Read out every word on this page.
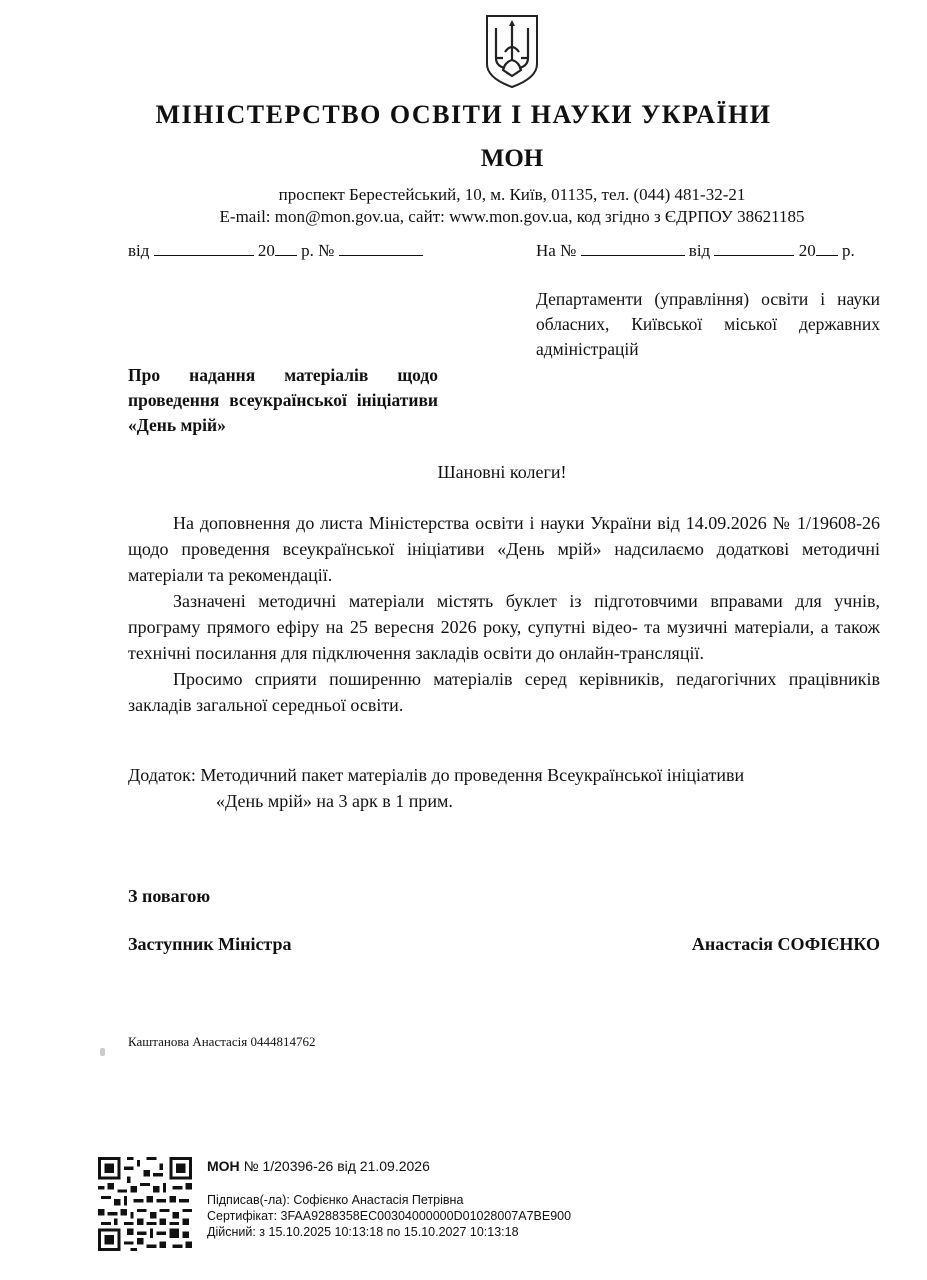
МІНІСТЕРСТВО ОСВІТИ І НАУКИ УКРАЇНИ
МОН
проспект Берестейський, 10, м. Київ, 01135, тел. (044) 481-32-21
E-mail: mon@mon.gov.ua, сайт: www.mon.gov.ua, код згідно з ЄДРПОУ 38621185
від	20 р. №	На №	від	20 р.
Департаменти (управління) освіти і науки обласних, Київської міської державних адміністрацій
Про надання матеріалів щодо проведення всеукраїнської ініціативи «День мрій»
Шановні колеги!

На доповнення до листа Міністерства освіти і науки України від 14.09.2026 № 1/19608-26 щодо проведення всеукраїнської ініціативи «День мрій» надсилаємо додаткові методичні матеріали та рекомендації.

Зазначені методичні матеріали містять буклет із підготовчими вправами для учнів, програму прямого ефіру на 25 вересня 2026 року, супутні відео- та музичні матеріали, а також технічні посилання для підключення закладів освіти до онлайн-трансляції.

Просимо сприяти поширенню матеріалів серед керівників, педагогічних працівників закладів загальної середньої освіти.

Додаток: Методичний пакет матеріалів до проведення Всеукраїнської ініціативи
«День мрій» на 3 арк в 1 прим.
З повагою
Заступник Міністра	Анастасія СОФІЄНКО
Каштанова Анастасія 0444814762
МОН № 1/20396-26 від 21.09.2026
Підписав(-ла): Софієнко Анастасія Петрівна
Сертифікат: 3FAA9288358EC00304000000D01028007A7BE900
Дійсний: з 15.10.2025 10:13:18 по 15.10.2027 10:13:18
